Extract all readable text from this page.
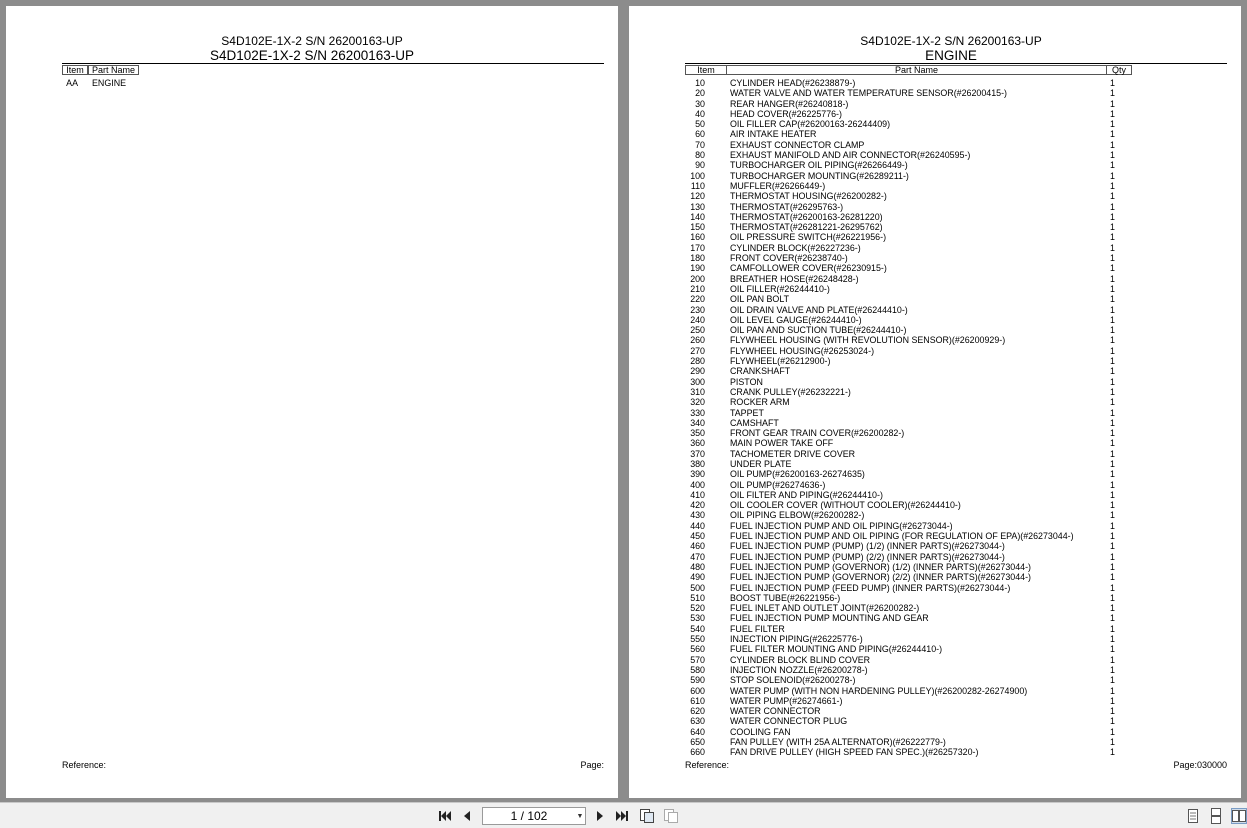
S4D102E-1X-2 S/N 26200163-UP
S4D102E-1X-2 S/N 26200163-UP
Item Part Name
AA ENGINE
Reference:	Page:
S4D102E-1X-2 S/N 26200163-UP
ENGINE
Item	Part Name	Qty
10	CYLINDER HEAD(#26238879-)	1
20	WATER VALVE AND WATER TEMPERATURE SENSOR(#26200415-)	1
30	REAR HANGER(#26240818-)	1
40	HEAD COVER(#26225776-)	1
50	OIL FILLER CAP(#26200163-26244409)	1
60	AIR INTAKE HEATER	1
70	EXHAUST CONNECTOR CLAMP	1
80	EXHAUST MANIFOLD AND AIR CONNECTOR(#26240595-)	1
90	TURBOCHARGER OIL PIPING(#26266449-)	1
100	TURBOCHARGER MOUNTING(#26289211-)	1
110	MUFFLER(#26266449-)	1
120	THERMOSTAT HOUSING(#26200282-)	1
130	THERMOSTAT(#26295763-)	1
140	THERMOSTAT(#26200163-26281220)	1
150	THERMOSTAT(#26281221-26295762)	1
160	OIL PRESSURE SWITCH(#26221956-)	1
170	CYLINDER BLOCK(#26227236-)	1
180	FRONT COVER(#26238740-)	1
190	CAMFOLLOWER COVER(#26230915-)	1
200	BREATHER HOSE(#26248428-)	1
210	OIL FILLER(#26244410-)	1
220	OIL PAN BOLT	1
230	OIL DRAIN VALVE AND PLATE(#26244410-)	1
240	OIL LEVEL GAUGE(#26244410-)	1
250	OIL PAN AND SUCTION TUBE(#26244410-)	1
260	FLYWHEEL HOUSING (WITH REVOLUTION SENSOR)(#26200929-)	1
270	FLYWHEEL HOUSING(#26253024-)	1
280	FLYWHEEL(#26212900-)	1
290	CRANKSHAFT	1
300	PISTON	1
310	CRANK PULLEY(#26232221-)	1
320	ROCKER ARM	1
330	TAPPET	1
340	CAMSHAFT	1
350	FRONT GEAR TRAIN COVER(#26200282-)	1
360	MAIN POWER TAKE OFF	1
370	TACHOMETER DRIVE COVER	1
380	UNDER PLATE	1
390	OIL PUMP(#26200163-26274635)	1
400	OIL PUMP(#26274636-)	1
410	OIL FILTER AND PIPING(#26244410-)	1
420	OIL COOLER COVER (WITHOUT COOLER)(#26244410-)	1
430	OIL PIPING ELBOW(#26200282-)	1
440	FUEL INJECTION PUMP AND OIL PIPING(#26273044-)	1
450	FUEL INJECTION PUMP AND OIL PIPING (FOR REGULATION OF EPA)(#26273044-)	1
460	FUEL INJECTION PUMP (PUMP) (1/2) (INNER PARTS)(#26273044-)	1
470	FUEL INJECTION PUMP (PUMP) (2/2) (INNER PARTS)(#26273044-)	1
480	FUEL INJECTION PUMP (GOVERNOR) (1/2) (INNER PARTS)(#26273044-)	1
490	FUEL INJECTION PUMP (GOVERNOR) (2/2) (INNER PARTS)(#26273044-)	1
500	FUEL INJECTION PUMP (FEED PUMP) (INNER PARTS)(#26273044-)	1
510	BOOST TUBE(#26221956-)	1
520	FUEL INLET AND OUTLET JOINT(#26200282-)	1
530	FUEL INJECTION PUMP MOUNTING AND GEAR	1
540	FUEL FILTER	1
550	INJECTION PIPING(#26225776-)	1
560	FUEL FILTER MOUNTING AND PIPING(#26244410-)	1
570	CYLINDER BLOCK BLIND COVER	1
580	INJECTION NOZZLE(#26200278-)	1
590	STOP SOLENOID(#26200278-)	1
600	WATER PUMP (WITH NON HARDENING PULLEY)(#26200282-26274900)	1
610	WATER PUMP(#26274661-)	1
620	WATER CONNECTOR	1
630	WATER CONNECTOR PLUG	1
640	COOLING FAN	1
650	FAN PULLEY (WITH 25A ALTERNATOR)(#26222779-)	1
660	FAN DRIVE PULLEY (HIGH SPEED FAN SPEC.)(#26257320-)	1
Reference:	Page:030000
1 / 102	▼
